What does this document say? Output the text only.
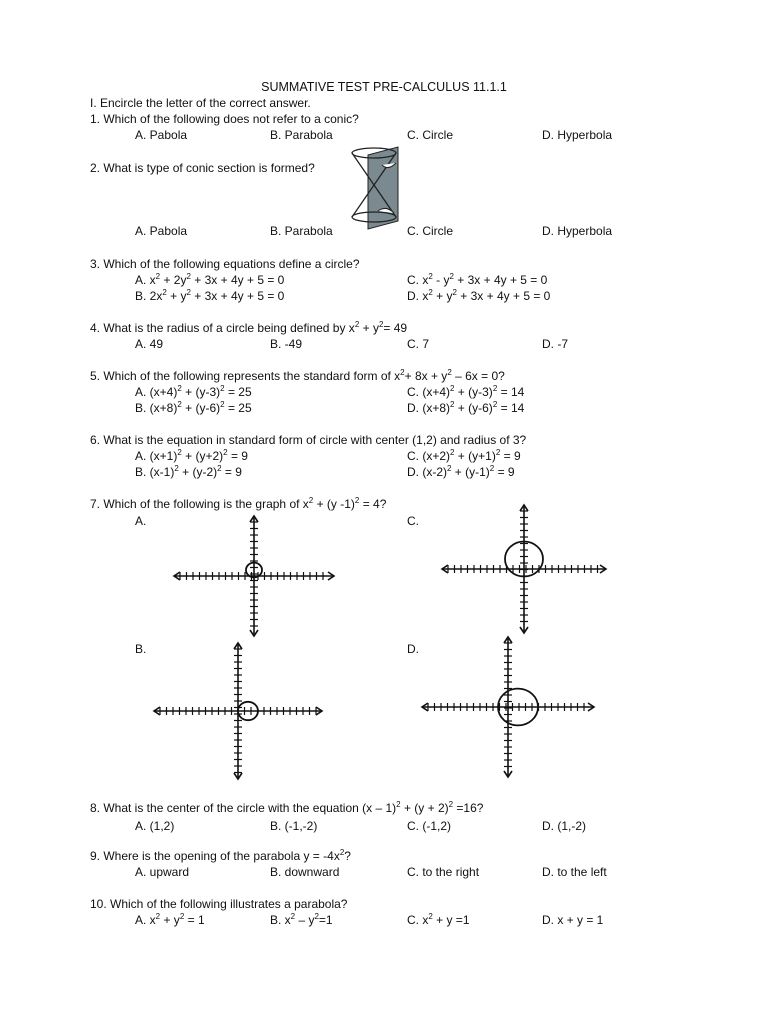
SUMMATIVE TEST PRE-CALCULUS 11.1.1
I. Encircle the letter of the correct answer.
1. Which of the following does not refer to a conic?
A. Pabola	B. Parabola	C. Circle	D. Hyperbola
2. What is type of conic section is formed?
A. Pabola	B. Parabola	C. Circle	D. Hyperbola
3. Which of the following equations define a circle?
A. $x^2 + 2y^2 + 3x + 4y + 5 = 0$	C. $x^2 - y^2 + 3x + 4y + 5 = 0$
B. $2x^2 + y^2 + 3x + 4y + 5 = 0$	D. $x^2 + y^2 + 3x + 4y + 5 = 0$
4. What is the radius of a circle being defined by $x^2 + y^2= 49$
A. 49	B. -49	C. 7	D. -7
5. Which of the following represents the standard form of $x^2+ 8x + y^2 - 6x = 0$?
A. $(x+4)^2 + (y-3)^2 = 25$	C. $(x+4)^2 + (y-3)^2 = 14$
B. $(x+8)^2 + (y-6)^2 = 25$	D. $(x+8)^2 + (y-6)^2 = 14$
6. What is the equation in standard form of circle with center (1,2) and radius of 3?
A. $(x+1)^2 + (y+2)^2 = 9$	C. $(x+2)^2 + (y+1)^2 = 9$
B. $(x-1)^2 + (y-2)^2 = 9$	D. $(x-2)^2 + (y-1)^2 = 9$
7. Which of the following is the graph of $x^2 + (y$ -1)$^2$ = 4?
A.	C.
B.	D.
8. What is the center of the circle with the equation $(x - 1)^2 + (y + 2)^2 =16$?
A. (1,2)	B. (-1,-2)	C. (-1,2)	D. (1,-2)
9. Where is the opening of the parabola $y = -4x^2$?
A. upward	B. downward	C. to the right	D. to the left
10. Which of the following illustrates a parabola?
A. $x^2 + y^2 = 1$	B. $x^2 - y^2=1$	C. $x^2 + y =1$	D. x + y = 1
